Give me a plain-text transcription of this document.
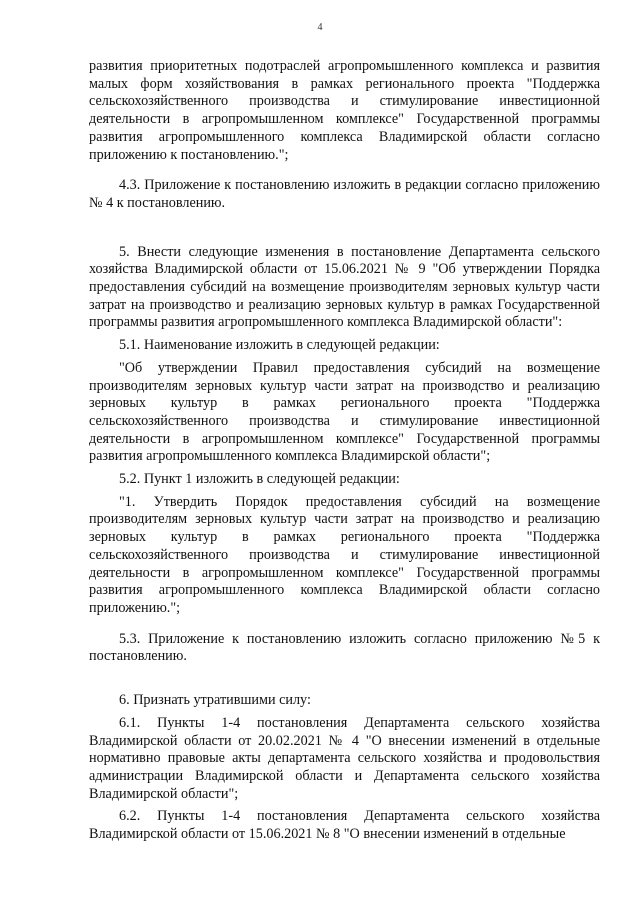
4

развития приоритетных подотраслей агропромышленного комплекса и развития малых форм хозяйствования в рамках регионального проекта "Поддержка сельскохозяйственного производства и стимулирование инвестиционной деятельности в агропромышленном комплексе" Государственной программы развития агропромышленного комплекса Владимирской области согласно приложению к постановлению.";

4.3. Приложение к постановлению изложить в редакции согласно приложению № 4 к постановлению.

5. Внести следующие изменения в постановление Департамента сельского хозяйства Владимирской области от 15.06.2021 № 9 "Об утверждении Порядка предоставления субсидий на возмещение производителям зерновых культур части затрат на производство и реализацию зерновых культур в рамках Государственной программы развития агропромышленного комплекса Владимирской области":

5.1. Наименование изложить в следующей редакции:

"Об утверждении Правил предоставления субсидий на возмещение производителям зерновых культур части затрат на производство и реализацию зерновых культур в рамках регионального проекта "Поддержка сельскохозяйственного производства и стимулирование инвестиционной деятельности в агропромышленном комплексе" Государственной программы развития агропромышленного комплекса Владимирской области";

5.2. Пункт 1 изложить в следующей редакции:

"1. Утвердить Порядок предоставления субсидий на возмещение производителям зерновых культур части затрат на производство и реализацию зерновых культур в рамках регионального проекта "Поддержка сельскохозяйственного производства и стимулирование инвестиционной деятельности в агропромышленном комплексе" Государственной программы развития агропромышленного комплекса Владимирской области согласно приложению.";

5.3. Приложение к постановлению изложить согласно приложению №5 к постановлению.

6. Признать утратившими силу:

6.1. Пункты 1-4 постановления Департамента сельского хозяйства Владимирской области от 20.02.2021 № 4 "О внесении изменений в отдельные нормативно правовые акты департамента сельского хозяйства и продовольствия администрации Владимирской области и Департамента сельского хозяйства Владимирской области";

6.2. Пункты 1-4 постановления Департамента сельского хозяйства Владимирской области от 15.06.2021 № 8 "О внесении изменений в отдельные
